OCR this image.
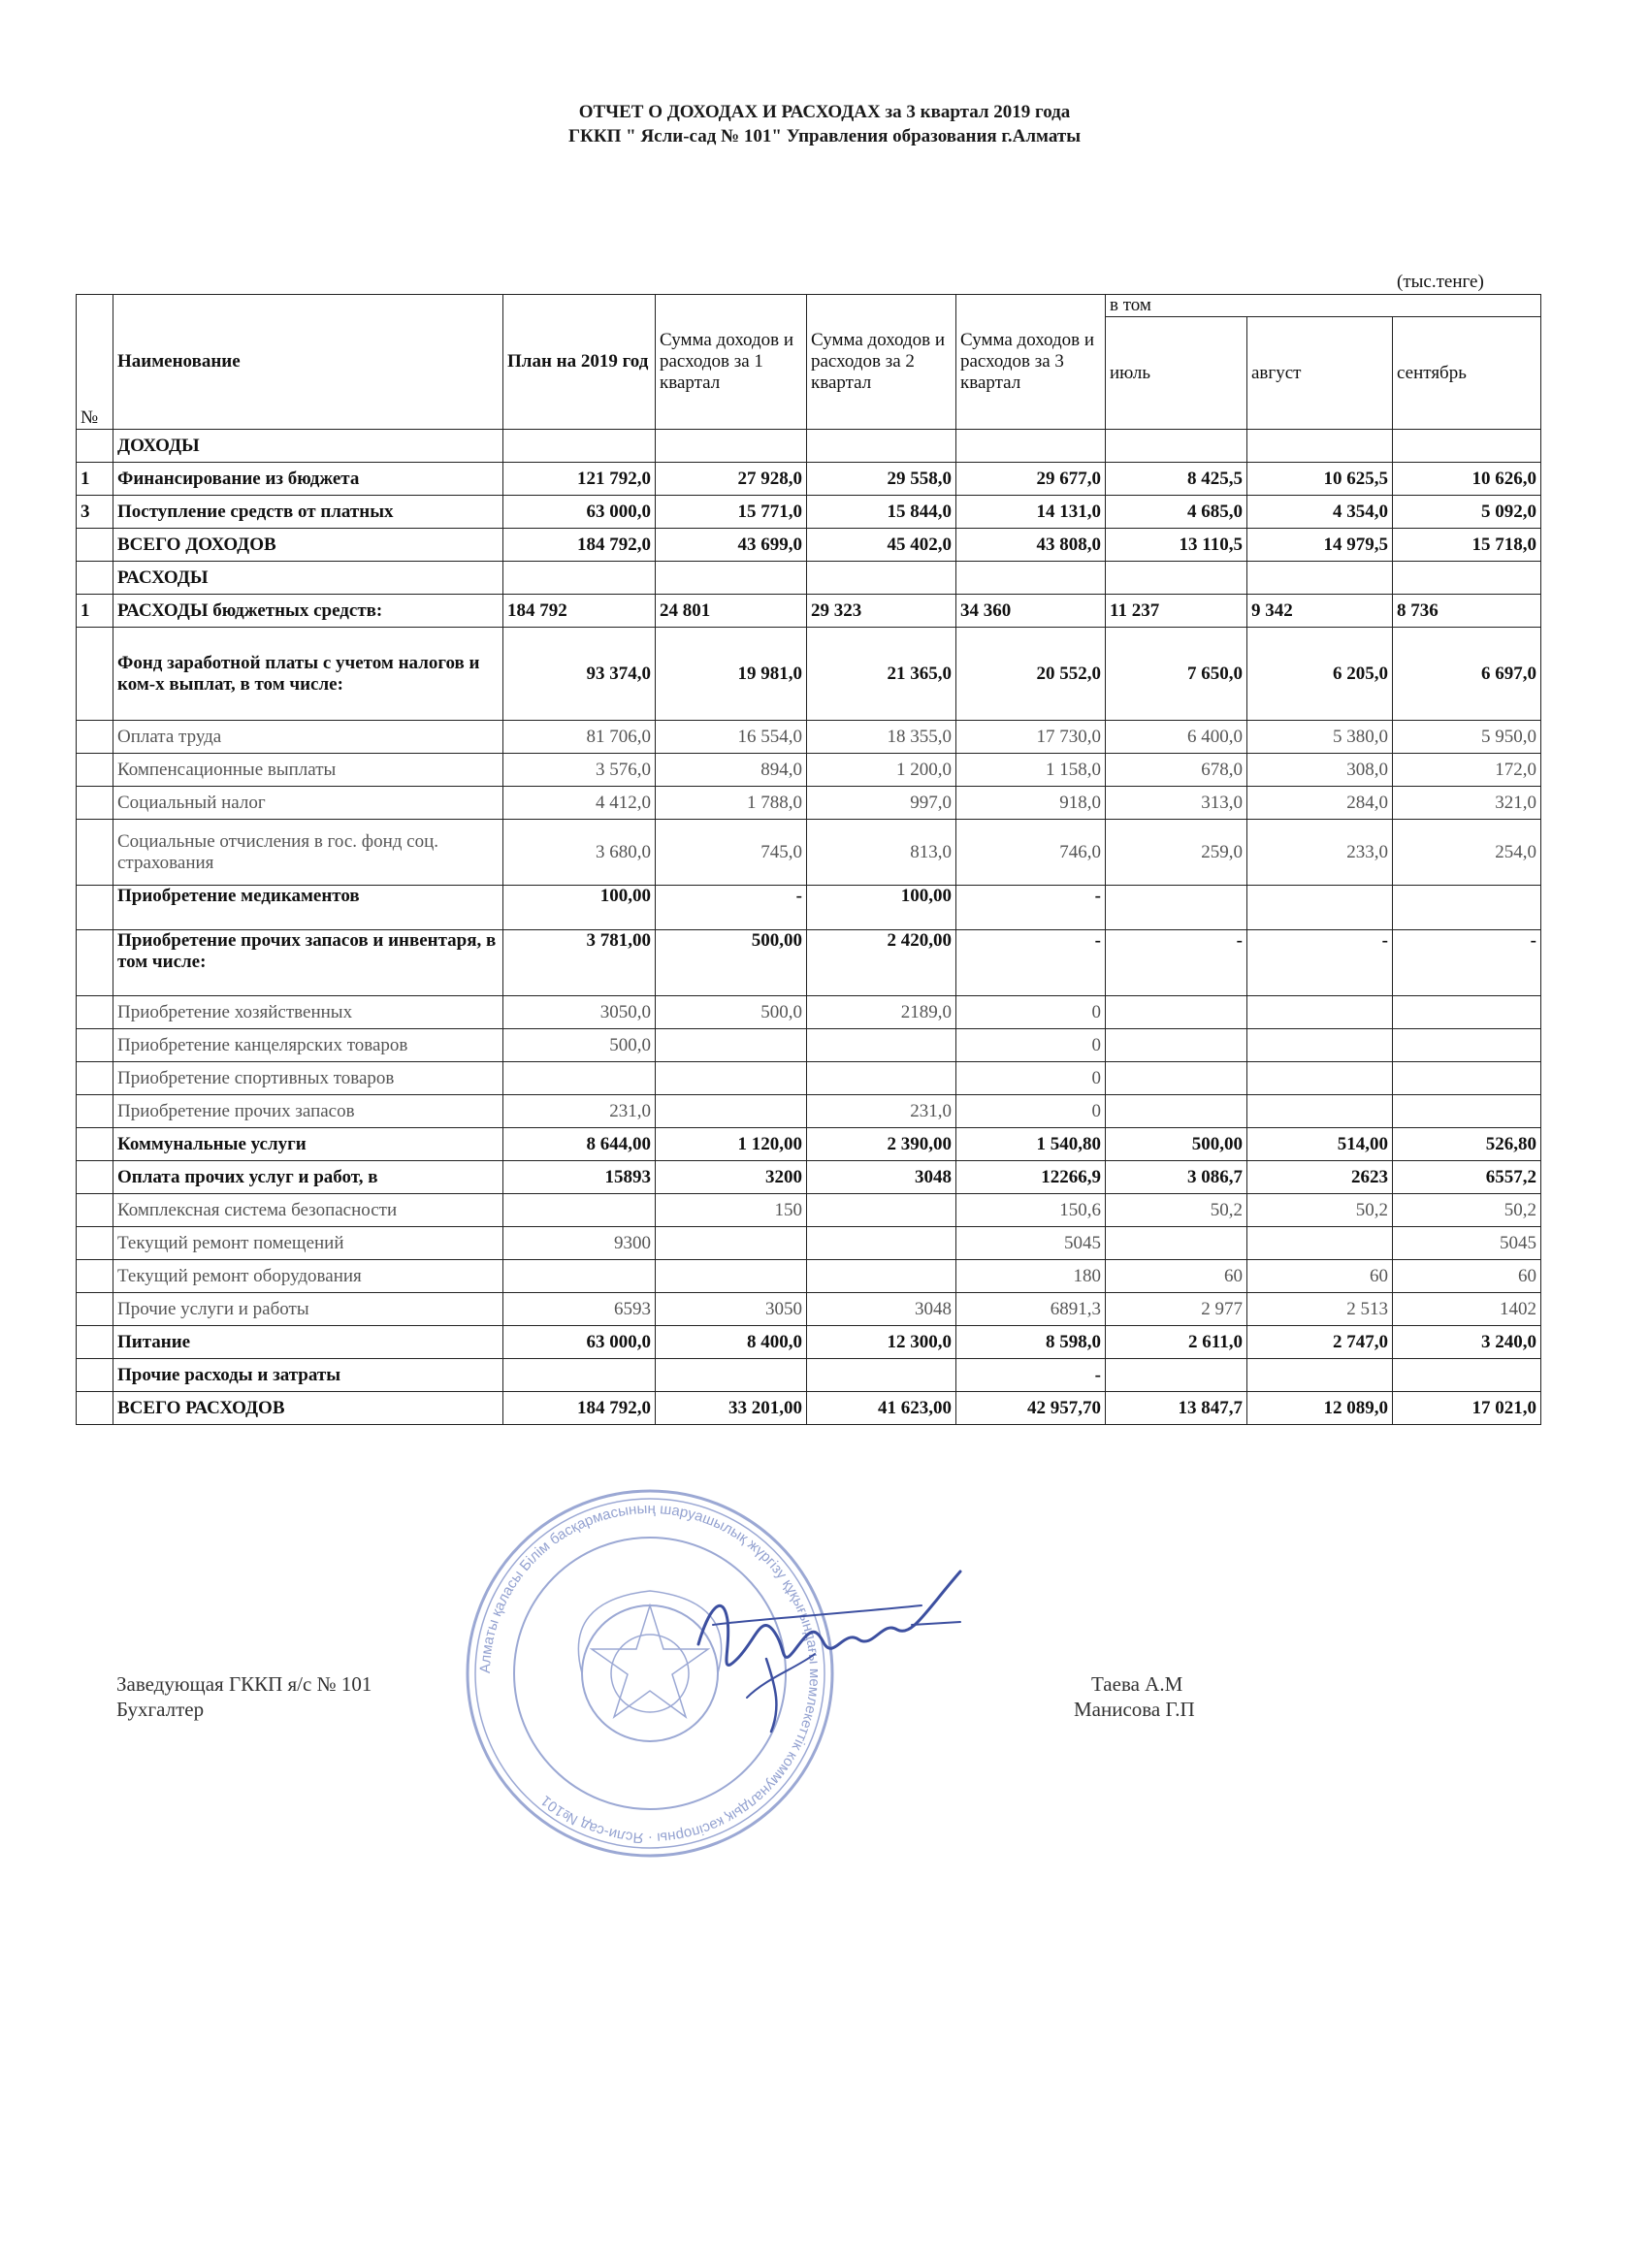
ОТЧЕТ О ДОХОДАХ И РАСХОДАХ за 3 квартал 2019 года
ГККП " Ясли-сад № 101" Управления образования г.Алматы
(тыс.тенге)
№	Наименование	План на 2019 год	Сумма доходов и расходов за 1 квартал	Сумма доходов и расходов за 2 квартал	Сумма доходов и расходов за 3 квартал	в том		
						июль	август	сентябрь
	ДОХОДЫ							
1	Финансирование из бюджета	121 792,0	27 928,0	29 558,0	29 677,0	8 425,5	10 625,5	10 626,0
3	Поступление средств от платных	63 000,0	15 771,0	15 844,0	14 131,0	4 685,0	4 354,0	5 092,0
	ВСЕГО ДОХОДОВ	184 792,0	43 699,0	45 402,0	43 808,0	13 110,5	14 979,5	15 718,0
	РАСХОДЫ							
1	РАСХОДЫ бюджетных средств:	184 792	24 801	29 323	34 360	11 237	9 342	8 736
	Фонд заработной платы с учетом налогов и ком-х выплат, в том числе:	93 374,0	19 981,0	21 365,0	20 552,0	7 650,0	6 205,0	6 697,0
	Оплата труда	81 706,0	16 554,0	18 355,0	17 730,0	6 400,0	5 380,0	5 950,0
	Компенсационные выплаты	3 576,0	894,0	1 200,0	1 158,0	678,0	308,0	172,0
	Социальный налог	4 412,0	1 788,0	997,0	918,0	313,0	284,0	321,0
	Социальные отчисления в гос. фонд соц. страхования	3 680,0	745,0	813,0	746,0	259,0	233,0	254,0
	Приобретение медикаментов	100,00	-	100,00	-			
	Приобретение прочих запасов и инвентаря, в том числе:	3 781,00	500,00	2 420,00	-	-	-	-
	Приобретение хозяйственных	3050,0	500,0	2189,0	0			
	Приобретение канцелярских товаров	500,0			0			
	Приобретение спортивных товаров				0			
	Приобретение прочих запасов	231,0		231,0	0			
	Коммунальные услуги	8 644,00	1 120,00	2 390,00	1 540,80	500,00	514,00	526,80
	Оплата прочих услуг и работ, в	15893	3200	3048	12266,9	3 086,7	2623	6557,2
	Комплексная система безопасности		150		150,6	50,2	50,2	50,2
	Текущий ремонт помещений	9300			5045			5045
	Текущий ремонт оборудования				180	60	60	60
	Прочие услуги и работы	6593	3050	3048	6891,3	2 977	2 513	1402
	Питание	63 000,0	8 400,0	12 300,0	8 598,0	2 611,0	2 747,0	3 240,0
	Прочие расходы и затраты				-			
	ВСЕГО РАСХОДОВ	184 792,0	33 201,00	41 623,00	42 957,70	13 847,7	12 089,0	17 021,0
Алматы қаласы Білім басқармасының шаруашылық жүргізу құқығындағы мемлекеттік коммуналдық кәсіпорны · Ясли-сад №101
Заведующая ГККП я/с № 101
Бухгалтер
Таева А.М
Манисова Г.П
